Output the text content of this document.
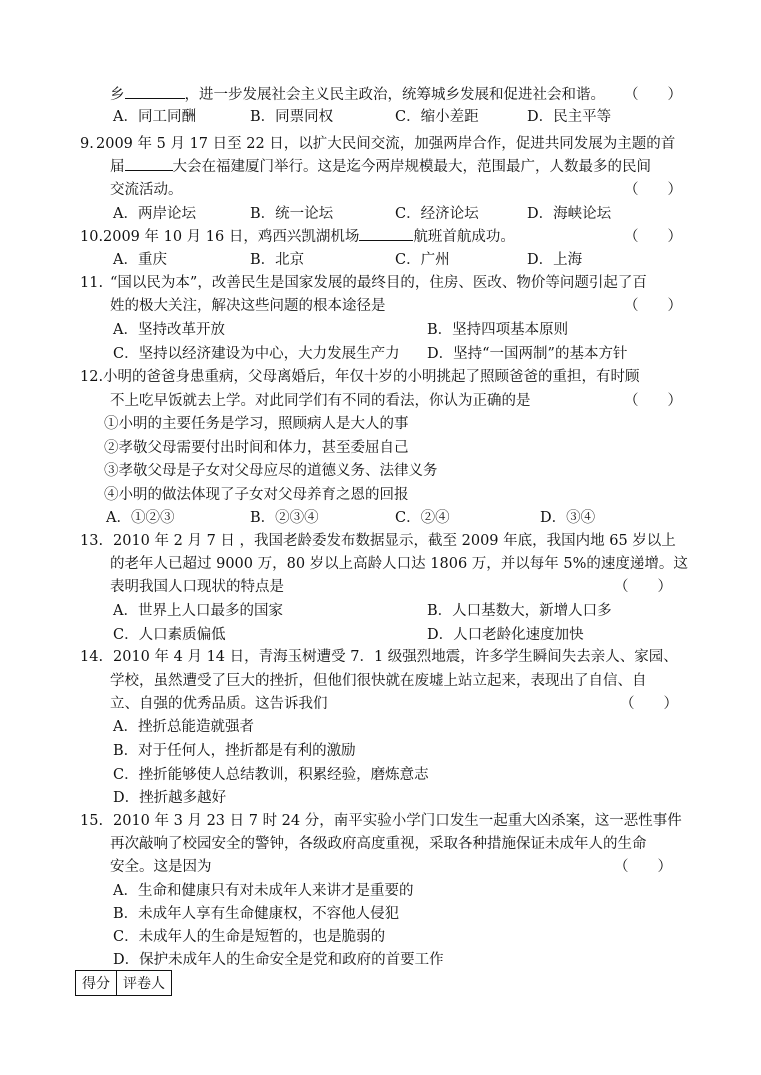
乡	，进一步发展社会主义民主政治，统筹城乡发展和促进社会和谐。 （　　）
A．同工同酬	B．同票同权	C．缩小差距	D．民主平等
9. 2009 年 5 月 17 日至 22 日，以扩大民间交流，加强两岸合作，促进共同发展为主题的首
届	大会在福建厦门举行。这是迄今两岸规模最大，范围最广，人数最多的民间
交流活动。	（　　）
A．两岸论坛	B．统一论坛	C．经济论坛	D．海峡论坛
10. 2009 年 10 月 16 日，鸡西兴凯湖机场	航班首航成功。	（　　）
A．重庆	B．北京	C．广州	D．上海
11. “国以民为本”，改善民生是国家发展的最终目的，住房、医改、物价等问题引起了百
姓的极大关注，解决这些问题的根本途径是	（　　）
A．坚持改革开放	B．坚持四项基本原则
C．坚持以经济建设为中心，大力发展生产力 D．坚持“一国两制”的基本方针
12. 小明的爸爸身患重病，父母离婚后，年仅十岁的小明挑起了照顾爸爸的重担，有时顾
不上吃早饭就去上学。对此同学们有不同的看法，你认为正确的是	（　　）
①小明的主要任务是学习，照顾病人是大人的事
②孝敬父母需要付出时间和体力，甚至委屈自己
③孝敬父母是子女对父母应尽的道德义务、法律义务
④小明的做法体现了子女对父母养育之恩的回报
A．①②③	B．②③④	C．②④	D．③④
13. 2010 年 2 月 7 日 ，我国老龄委发布数据显示，截至 2009 年底，我国内地 65 岁以上
的老年人已超过 9000 万，80 岁以上高龄人口达 1806 万，并以每年 5%的速度递增。这
表明我国人口现状的特点是	（　　）
A．世界上人口最多的国家	B．人口基数大，新增人口多
C．人口素质偏低	D．人口老龄化速度加快
14. 2010 年 4 月 14 日，青海玉树遭受 7．1 级强烈地震，许多学生瞬间失去亲人、家园、
学校，虽然遭受了巨大的挫折，但他们很快就在废墟上站立起来，表现出了自信、自
立、自强的优秀品质。这告诉我们	（　　）
A．挫折总能造就强者
B．对于任何人，挫折都是有利的激励
C．挫折能够使人总结教训，积累经验，磨炼意志
D．挫折越多越好
15. 2010 年 3 月 23 日 7 时 24 分，南平实验小学门口发生一起重大凶杀案，这一恶性事件
再次敲响了校园安全的警钟，各级政府高度重视，采取各种措施保证未成年人的生命
安全。这是因为	（　　）
A．生命和健康只有对未成年人来讲才是重要的
B．未成年人享有生命健康权，不容他人侵犯
C．未成年人的生命是短暂的，也是脆弱的
D．保护未成年人的生命安全是党和政府的首要工作
得分	评卷人
